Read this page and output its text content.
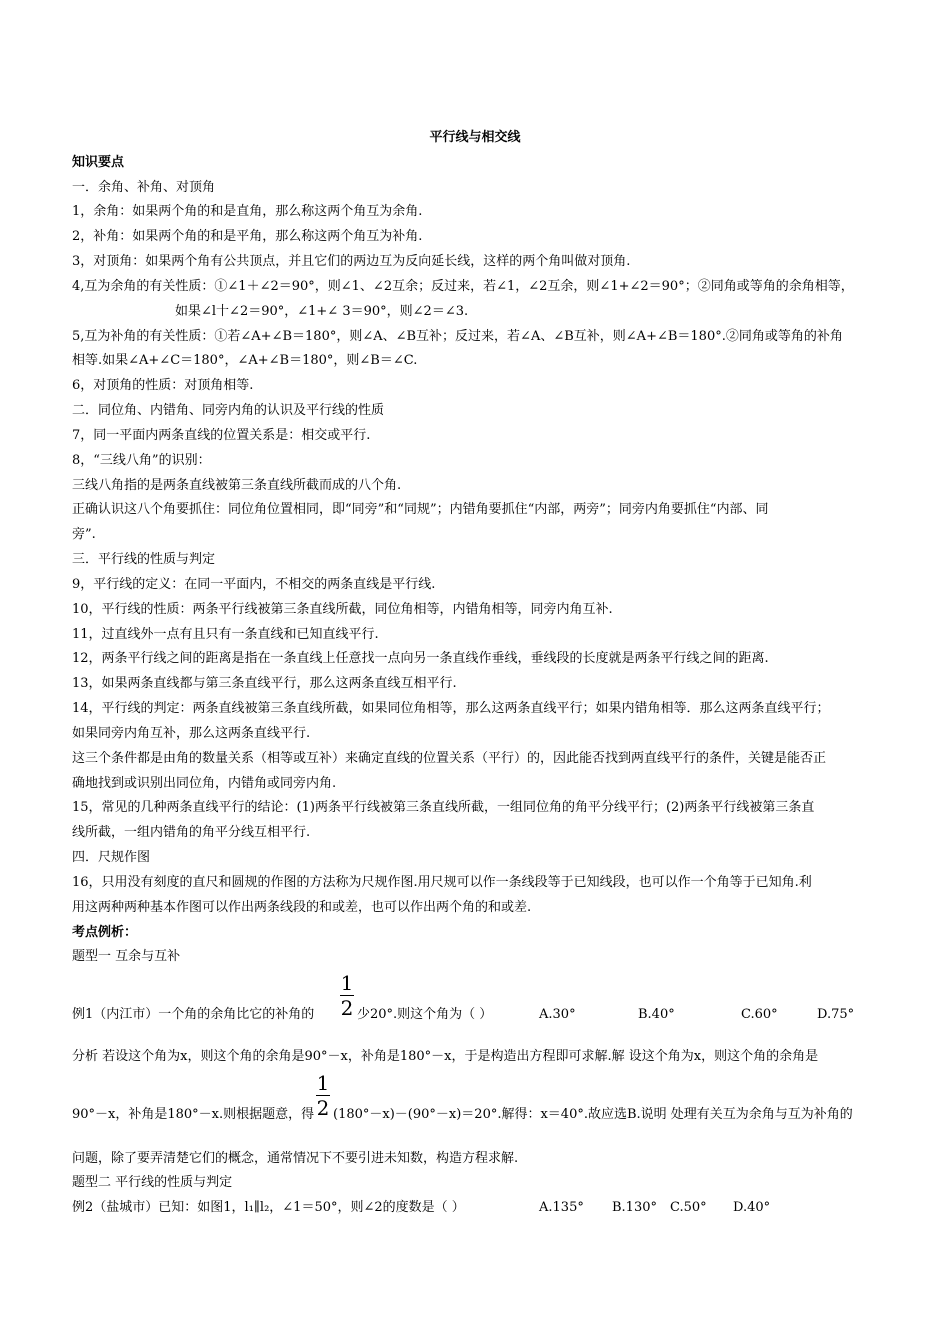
平行线与相交线
知识要点
一．余角、补角、对顶角
1，余角：如果两个角的和是直角，那么称这两个角互为余角.
2，补角：如果两个角的和是平角，那么称这两个角互为补角.
3，对顶角：如果两个角有公共顶点，并且它们的两边互为反向延长线，这样的两个角叫做对顶角.
4,互为余角的有关性质：①∠1＋∠2＝90°，则∠1、∠2互余；反过来，若∠1，∠2互余，则∠1+∠2＝90°；②同角或等角的余角相等，
如果∠l十∠2＝90°，∠1+∠ 3＝90°，则∠2＝∠3.
5,互为补角的有关性质：①若∠A+∠B＝180°，则∠A、∠B互补；反过来，若∠A、∠B互补，则∠A+∠B＝180°.②同角或等角的补角
相等.如果∠A+∠C＝180°，∠A+∠B＝180°，则∠B＝∠C.
6，对顶角的性质：对顶角相等.
二．同位角、内错角、同旁内角的认识及平行线的性质
7，同一平面内两条直线的位置关系是：相交或平行.
8，“三线八角”的识别：
三线八角指的是两条直线被第三条直线所截而成的八个角.
正确认识这八个角要抓住：同位角位置相同，即“同旁”和“同规”；内错角要抓住“内部，两旁”；同旁内角要抓住“内部、同
旁”.
三．平行线的性质与判定
9，平行线的定义：在同一平面内，不相交的两条直线是平行线.
10，平行线的性质：两条平行线被第三条直线所截，同位角相等，内错角相等，同旁内角互补.
11，过直线外一点有且只有一条直线和已知直线平行.
12，两条平行线之间的距离是指在一条直线上任意找一点向另一条直线作垂线，垂线段的长度就是两条平行线之间的距离.
13，如果两条直线都与第三条直线平行，那么这两条直线互相平行.
14，平行线的判定：两条直线被第三条直线所截，如果同位角相等，那么这两条直线平行；如果内错角相等．那么这两条直线平行；
如果同旁内角互补，那么这两条直线平行.
这三个条件都是由角的数量关系（相等或互补）来确定直线的位置关系（平行）的，因此能否找到两直线平行的条件，关键是能否正
确地找到或识别出同位角，内错角或同旁内角.
15，常见的几种两条直线平行的结论：(1)两条平行线被第三条直线所截，一组同位角的角平分线平行；(2)两条平行线被第三条直
线所截，一组内错角的角平分线互相平行.
四．尺规作图
16，只用没有刻度的直尺和圆规的作图的方法称为尺规作图.用尺规可以作一条线段等于已知线段，也可以作一个角等于已知角.利
用这两种两种基本作图可以作出两条线段的和或差，也可以作出两个角的和或差.
考点例析：
题型一 互余与互补
例1（内江市）一个角的余角比它的补角的
1
2 少20°.则这个角为（ ）	A.30°	B.40°	C.60°	D.75°
分析 若设这个角为x，则这个角的余角是90°－x，补角是180°－x，于是构造出方程即可求解.解 设这个角为x，则这个角的余角是
90°－x，补角是180°－x.则根据题意，得
1
2 (180°－x)－(90°－x)＝20°.解得：x＝40°.故应选B.说明 处理有关互为余角与互为补角的
问题，除了要弄清楚它们的概念，通常情况下不要引进未知数，构造方程求解.
题型二 平行线的性质与判定
例2（盐城市）已知：如图1，l₁∥l₂，∠1＝50°，则∠2的度数是（ ）	A.135° B.130° C.50° D.40°
